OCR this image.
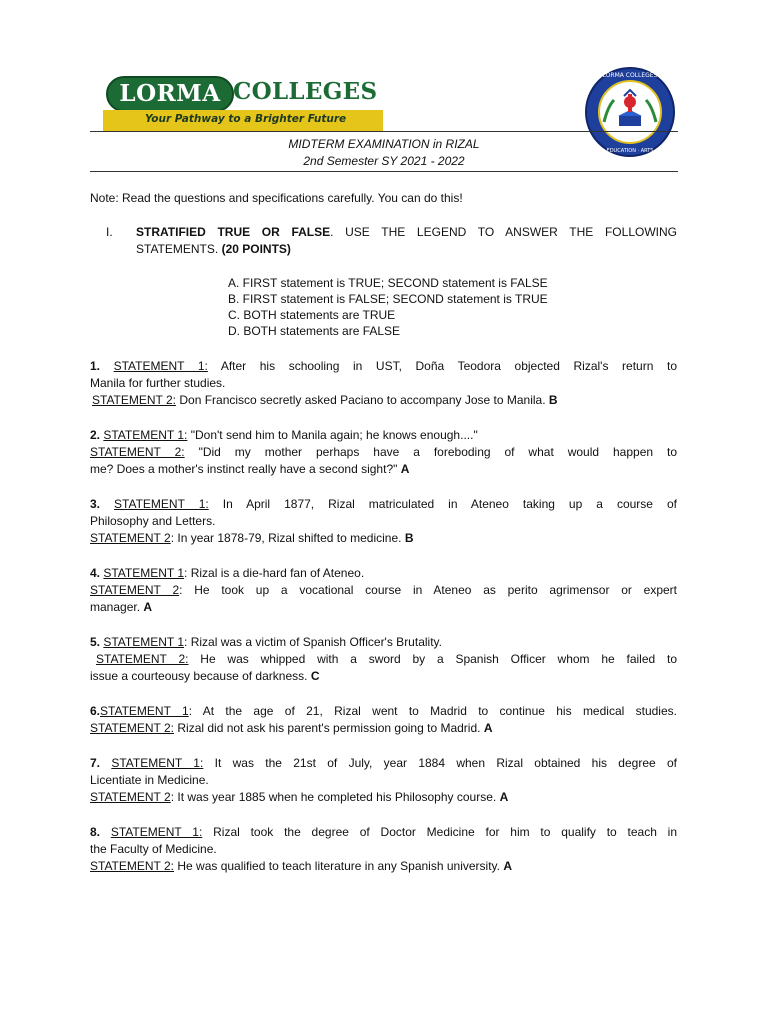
LORMA COLLEGES
Your Pathway to a Brighter Future
LORMA COLLEGES
EDUCATION · ARTS
MIDTERM EXAMINATION in RIZAL
2nd Semester SY 2021 - 2022
Note: Read the questions and specifications carefully. You can do this!
I. STRATIFIED TRUE OR FALSE. USE THE LEGEND TO ANSWER THE FOLLOWING
STATEMENTS. (20 POINTS)
A. FIRST statement is TRUE; SECOND statement is FALSE
B. FIRST statement is FALSE; SECOND statement is TRUE
C. BOTH statements are TRUE
D. BOTH statements are FALSE
1. STATEMENT 1: After his schooling in UST, Doña Teodora objected Rizal's return to
Manila for further studies.
STATEMENT 2: Don Francisco secretly asked Paciano to accompany Jose to Manila. B
2. STATEMENT 1: "Don't send him to Manila again; he knows enough...."
STATEMENT 2: "Did my mother perhaps have a foreboding of what would happen to
me? Does a mother's instinct really have a second sight?" A
3. STATEMENT 1: In April 1877, Rizal matriculated in Ateneo taking up a course of
Philosophy and Letters.
STATEMENT 2: In year 1878-79, Rizal shifted to medicine. B
4. STATEMENT 1: Rizal is a die-hard fan of Ateneo.
STATEMENT 2: He took up a vocational course in Ateneo as perito agrimensor or expert
manager. A
5. STATEMENT 1: Rizal was a victim of Spanish Officer's Brutality.
STATEMENT 2: He was whipped with a sword by a Spanish Officer whom he failed to
issue a courteousy because of darkness. C
6.STATEMENT 1: At the age of 21, Rizal went to Madrid to continue his medical studies.
STATEMENT 2: Rizal did not ask his parent's permission going to Madrid. A
7. STATEMENT 1: It was the 21st of July, year 1884 when Rizal obtained his degree of
Licentiate in Medicine.
STATEMENT 2: It was year 1885 when he completed his Philosophy course. A
8. STATEMENT 1: Rizal took the degree of Doctor Medicine for him to qualify to teach in
the Faculty of Medicine.
STATEMENT 2: He was qualified to teach literature in any Spanish university. A
